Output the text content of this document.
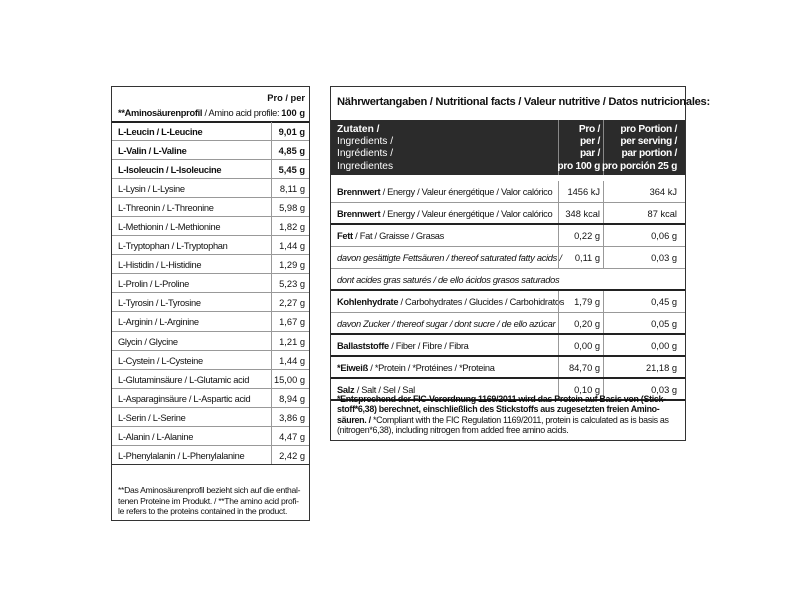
Pro / per
**Aminosäurenprofil / Amino acid profile: 100 g
L-Leucin / L-Leucine	9,01 g
L-Valin / L-Valine	4,85 g
L-Isoleucin / L-Isoleucine	5,45 g
L-Lysin / L-Lysine	8,11 g
L-Threonin / L-Threonine	5,98 g
L-Methionin / L-Methionine	1,82 g
L-Tryptophan / L-Tryptophan	1,44 g
L-Histidin / L-Histidine	1,29 g
L-Prolin / L-Proline	5,23 g
L-Tyrosin / L-Tyrosine	2,27 g
L-Arginin / L-Arginine	1,67 g
Glycin / Glycine	1,21 g
L-Cystein / L-Cysteine	1,44 g
L-Glutaminsäure / L-Glutamic acid	15,00 g
L-Asparaginsäure / L-Aspartic acid	8,94 g
L-Serin / L-Serine	3,86 g
L-Alanin / L-Alanine	4,47 g
L-Phenylalanin / L-Phenylalanine	2,42 g
**Das Aminosäurenprofil bezieht sich auf die enthal-
tenen Proteine im Produkt. / **The amino acid profi-
le refers to the proteins contained in the product.
Nährwertangaben / Nutritional facts / Valeur nutritive / Datos nutricionales:
Zutaten /
Ingredients /
Ingrédients /
Ingredientes
Pro /
per /
par /
pro 100 g
pro Portion /
per serving /
par portion /
pro porción 25 g
Brennwert / Energy / Valeur énergétique / Valor calórico	1456 kJ	364 kJ
Brennwert / Energy / Valeur énergétique / Valor calórico	348 kcal	87 kcal
Fett / Fat / Graisse / Grasas	0,22 g	0,06 g
davon gesättigte Fettsäuren / thereof saturated fatty acids /	0,11 g	0,03 g
dont acides gras saturés / de ello ácidos grasos saturados
Kohlenhydrate / Carbohydrates / Glucides / Carbohidratos	1,79 g	0,45 g
davon Zucker / thereof sugar / dont sucre / de ello azúcar	0,20 g	0,05 g
Ballaststoffe / Fiber / Fibre / Fibra	0,00 g	0,00 g
*Eiweiß / *Protein / *Protéines / *Proteina	84,70 g	21,18 g
Salz / Salt / Sel / Sal	0,10 g	0,03 g
*Entsprechend der FIC-Verordnung 1169/2011 wird das Protein auf Basis von (Stick-
stoff*6,38) berechnet, einschließlich des Stickstoffs aus zugesetzten freien Amino-
säuren. / *Compliant with the FIC Regulation 1169/2011, protein is calculated as is basis as
(nitrogen*6,38), including nitrogen from added free amino acids.
